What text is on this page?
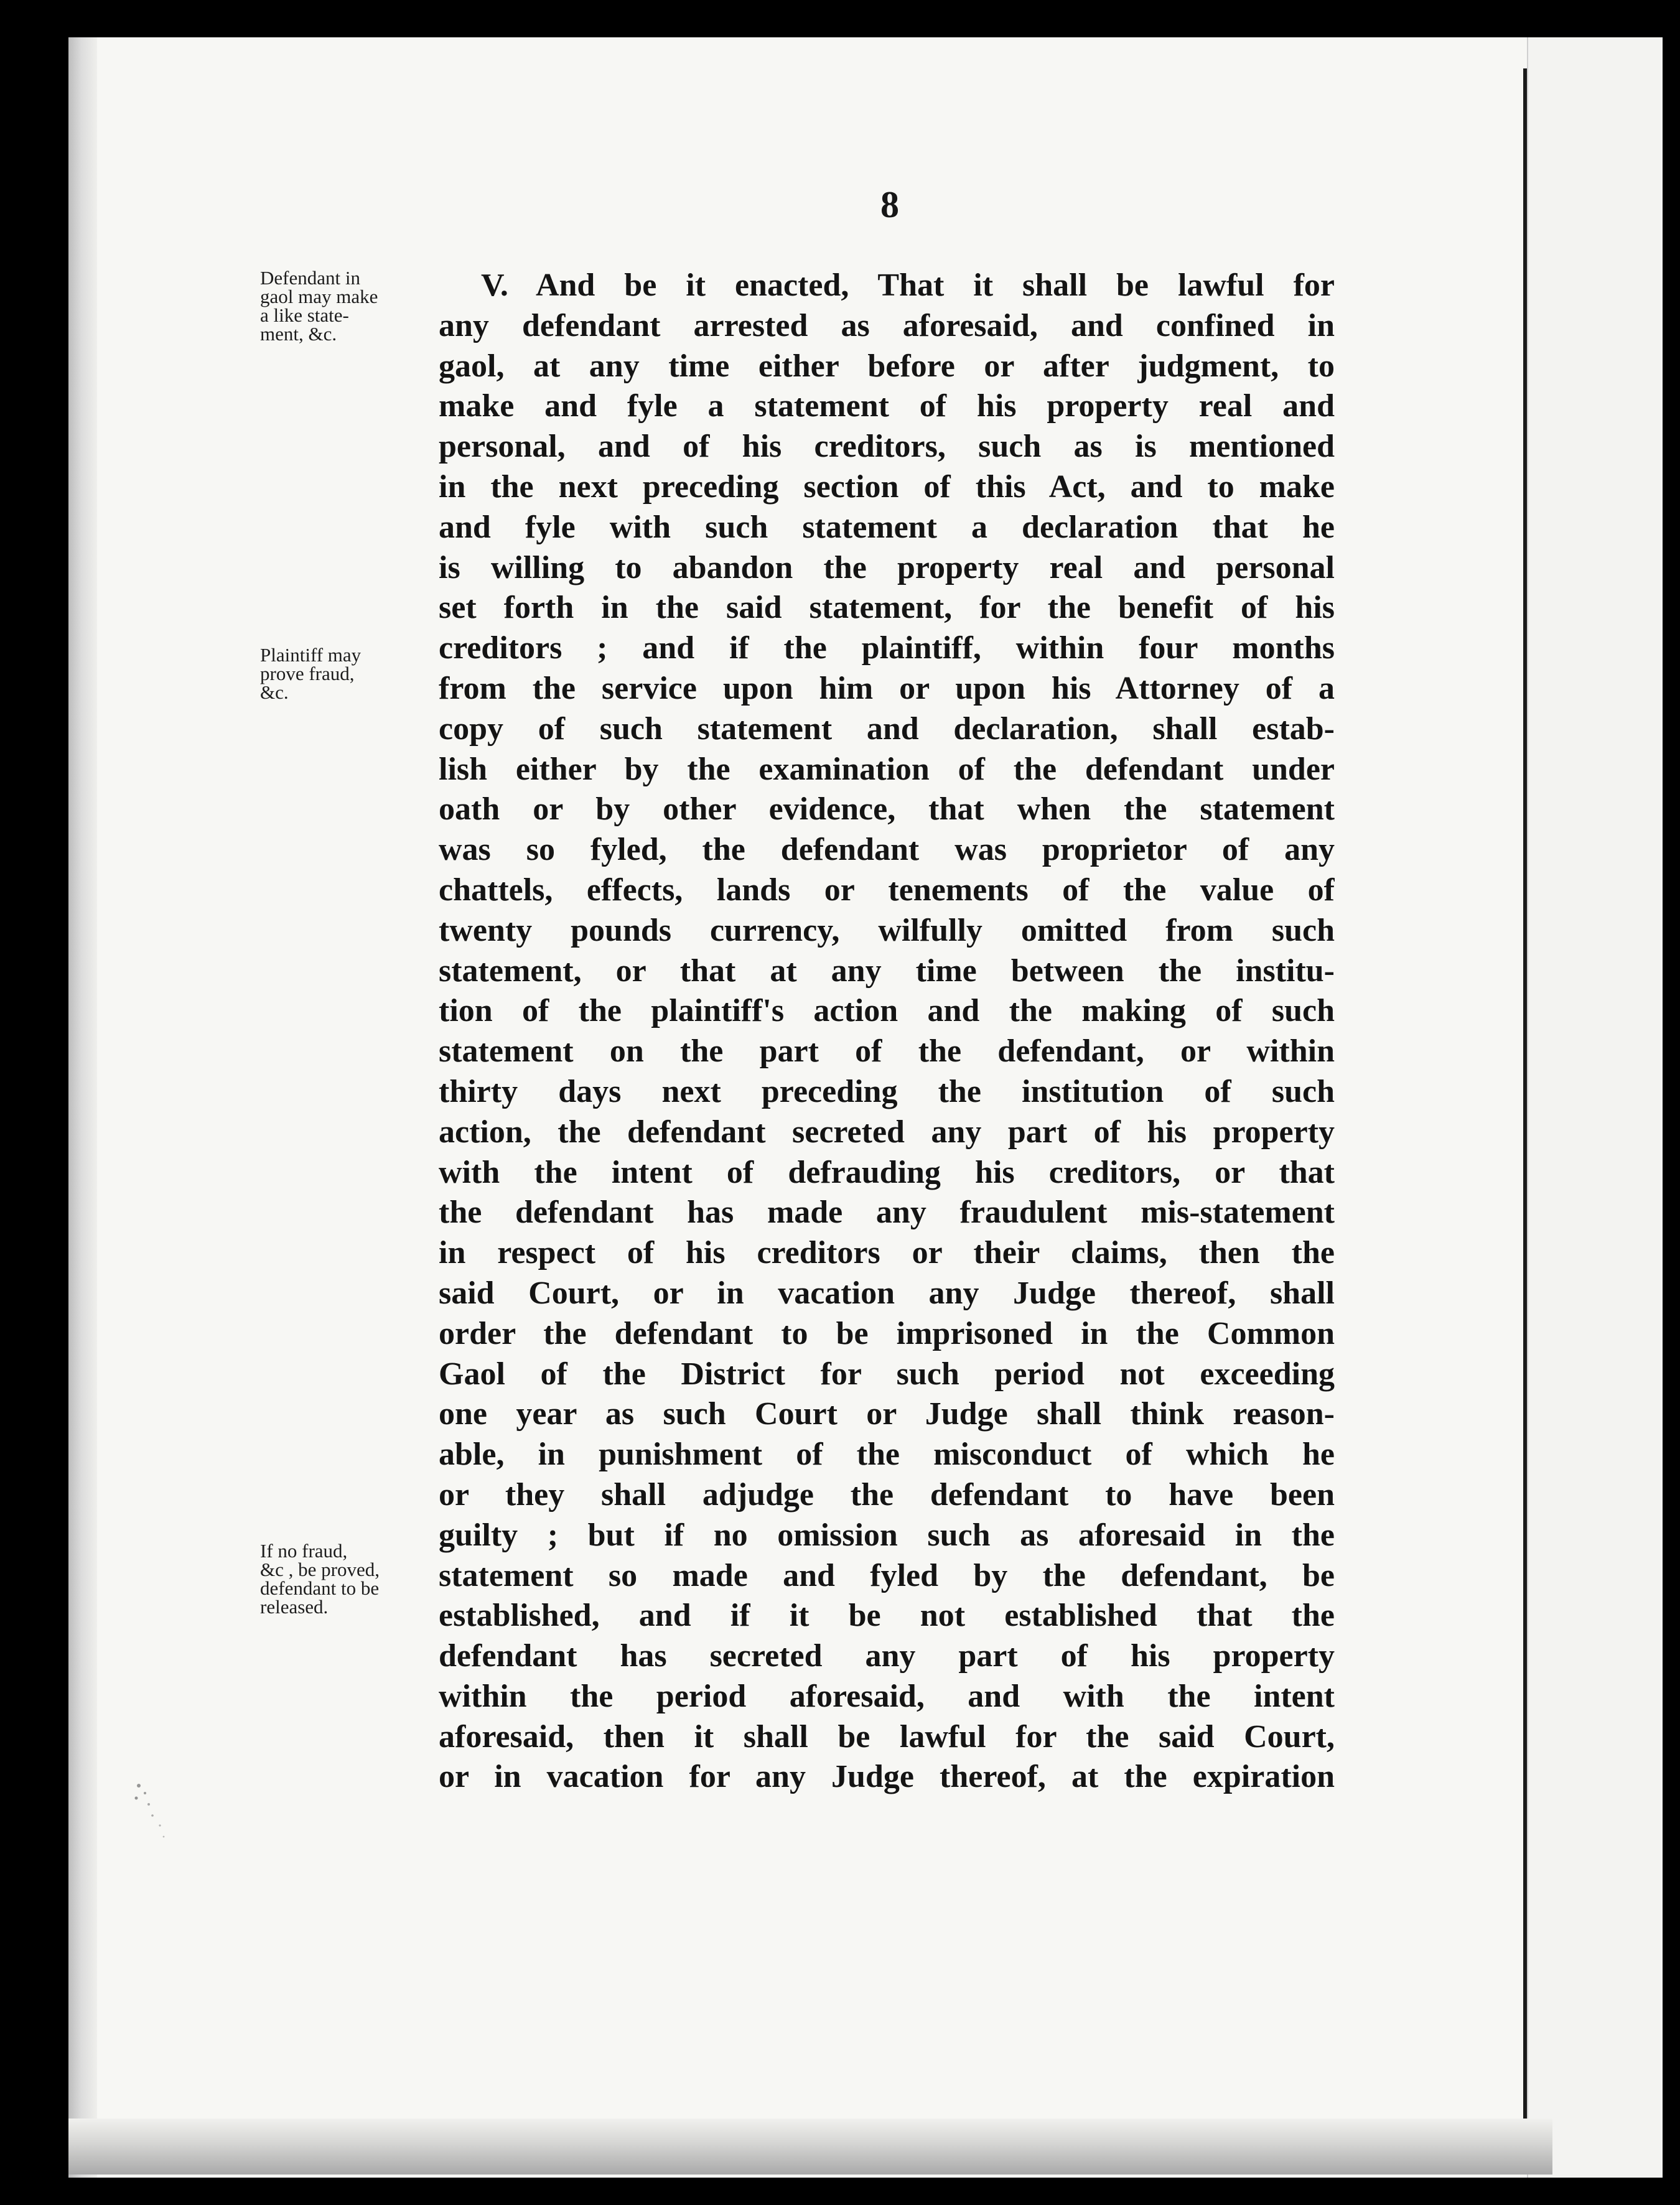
8
Defendant in
gaol may make
a like state-
ment, &c.
Plaintiff may
prove fraud,
&c.
If no fraud,
&c , be proved,
defendant to be
released.
V. And be it enacted, That it shall be lawful for
any defendant arrested as aforesaid, and confined in
gaol, at any time either before or after judgment, to
make and fyle a statement of his property real and
personal, and of his creditors, such as is mentioned
in the next preceding section of this Act, and to make
and fyle with such statement a declaration that he
is willing to abandon the property real and personal
set forth in the said statement, for the benefit of his
creditors ; and if the plaintiff, within four months
from the service upon him or upon his Attorney of a
copy of such statement and declaration, shall estab-
lish either by the examination of the defendant under
oath or by other evidence, that when the statement
was so fyled, the defendant was proprietor of any
chattels, effects, lands or tenements of the value of
twenty pounds currency, wilfully omitted from such
statement, or that at any time between the institu-
tion of the plaintiff's action and the making of such
statement on the part of the defendant, or within
thirty days next preceding the institution of such
action, the defendant secreted any part of his property
with the intent of defrauding his creditors, or that
the defendant has made any fraudulent mis-statement
in respect of his creditors or their claims, then the
said Court, or in vacation any Judge thereof, shall
order the defendant to be imprisoned in the Common
Gaol of the District for such period not exceeding
one year as such Court or Judge shall think reason-
able, in punishment of the misconduct of which he
or they shall adjudge the defendant to have been
guilty ; but if no omission such as aforesaid in the
statement so made and fyled by the defendant, be
established, and if it be not established that the
defendant has secreted any part of his property
within the period aforesaid, and with the intent
aforesaid, then it shall be lawful for the said Court,
or in vacation for any Judge thereof, at the expiration
